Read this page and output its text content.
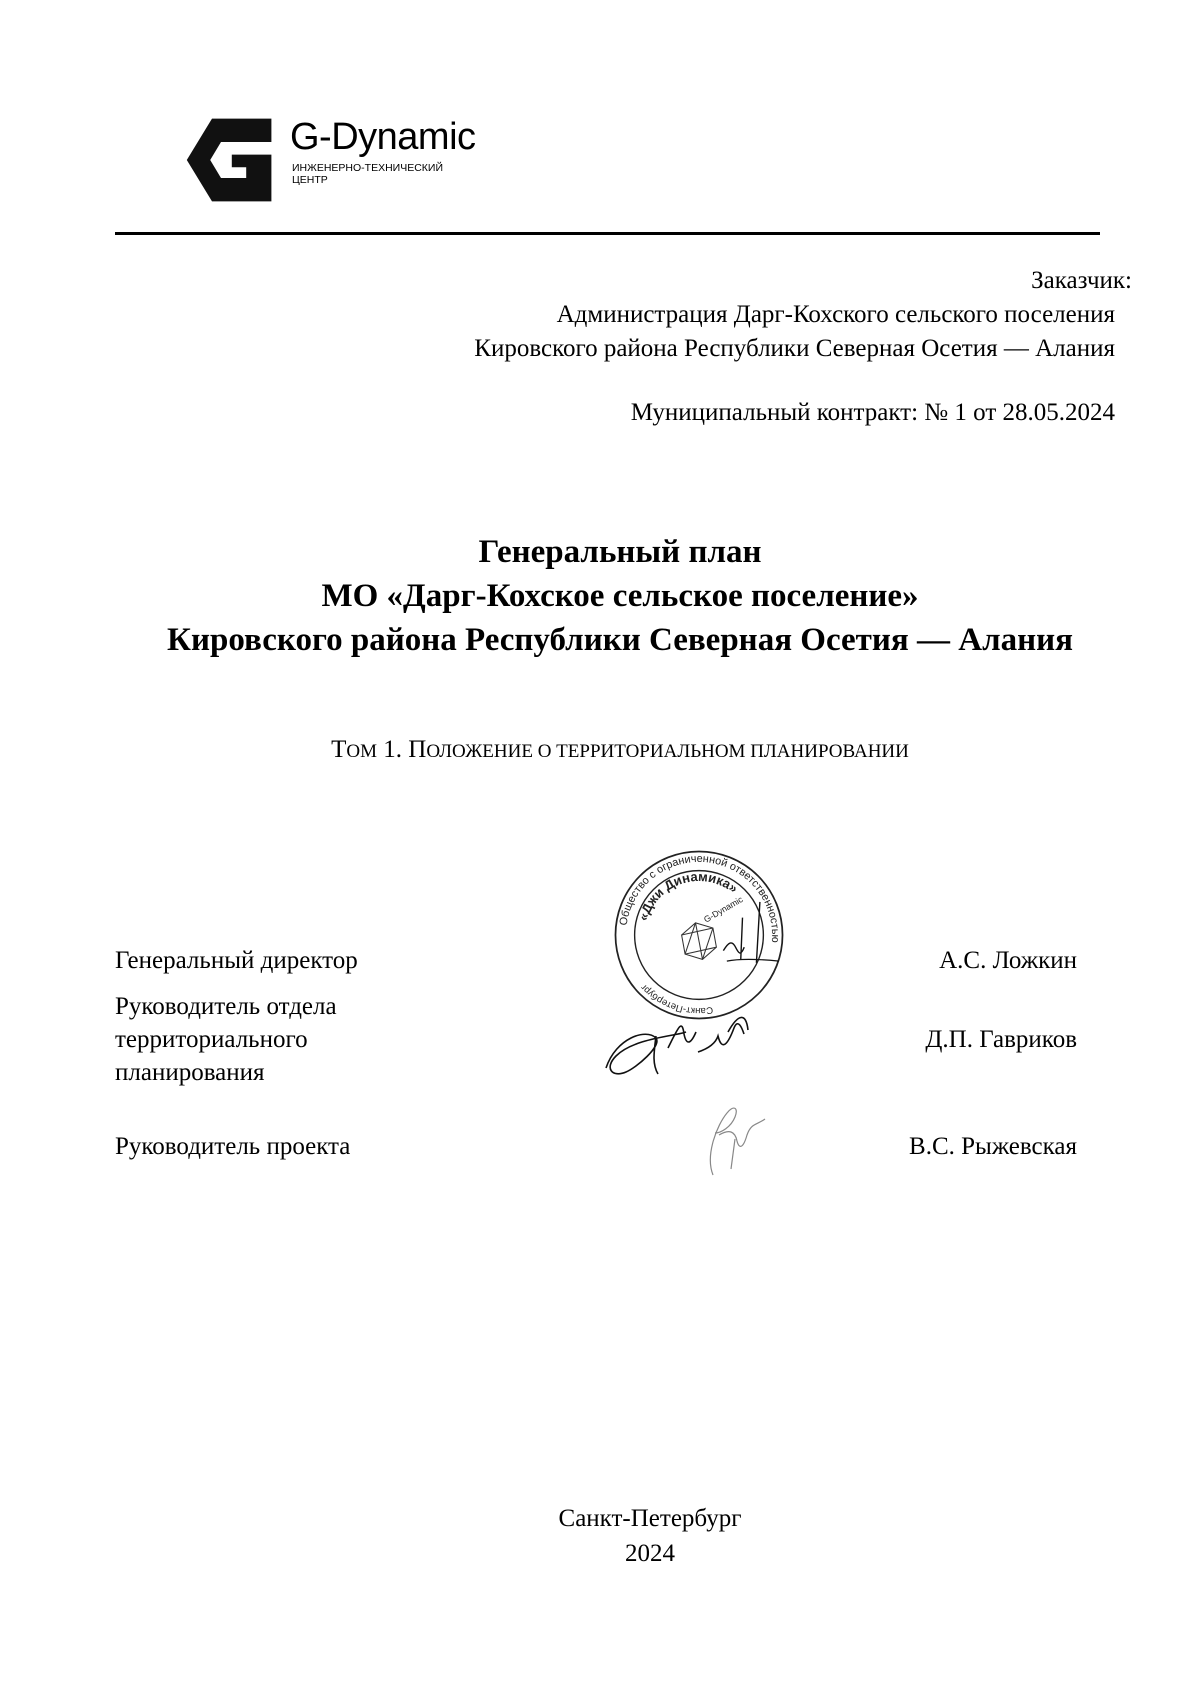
G-Dynamic
ИНЖЕНЕРНО-ТЕХНИЧЕСКИЙ
ЦЕНТР
Заказчик:
Администрация Дарг-Кохского сельского поселения
Кировского района Республики Северная Осетия — Алания
Муниципальный контракт: № 1 от 28.05.2024
Генеральный план
МО «Дарг-Кохское сельское поселение»
Кировского района Республики Северная Осетия — Алания
ТОМ 1. ПОЛОЖЕНИЕ О ТЕРРИТОРИАЛЬНОМ ПЛАНИРОВАНИИ
Генеральный директор	А.С. Ложкин
Руководитель отдела
территориального
планирования
Д.П. Гавриков
Руководитель проекта	В.С. Рыжевская
Общество с ограниченной ответственностью
Санкт-Петербург
«Джи Динамика»
G-Dynamic
Санкт-Петербург
2024
